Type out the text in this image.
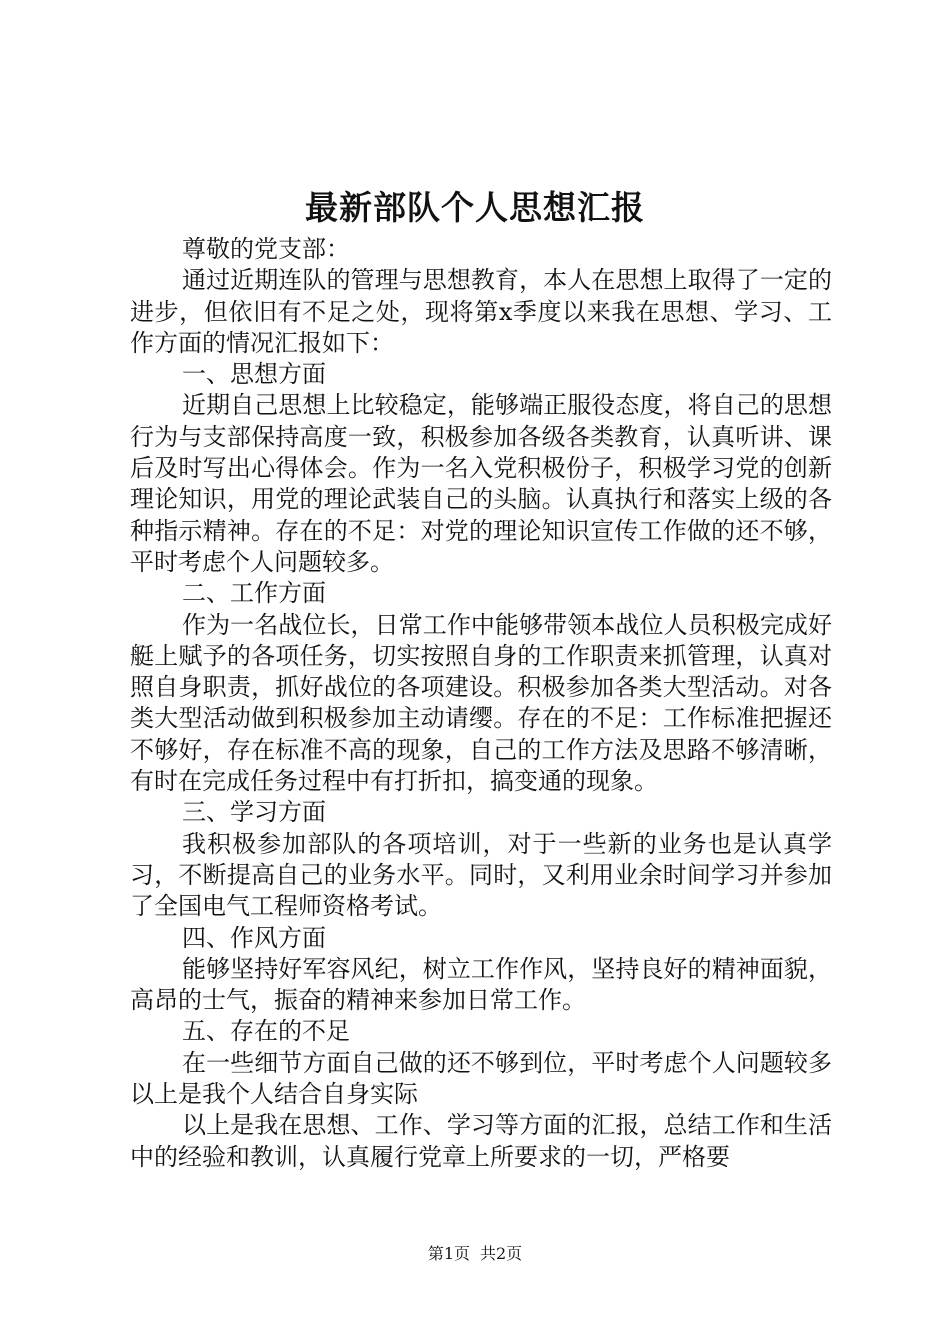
最新部队个人思想汇报

尊敬的党支部：

通过近期连队的管理与思想教育，本人在思想上取得了一定的进步，但依旧有不足之处，现将第x季度以来我在思想、学习、工作方面的情况汇报如下：

一、思想方面

近期自己思想上比较稳定，能够端正服役态度，将自己的思想行为与支部保持高度一致，积极参加各级各类教育，认真听讲、课后及时写出心得体会。作为一名入党积极份子，积极学习党的创新理论知识，用党的理论武装自己的头脑。认真执行和落实上级的各种指示精神。存在的不足：对党的理论知识宣传工作做的还不够，平时考虑个人问题较多。

二、工作方面

作为一名战位长，日常工作中能够带领本战位人员积极完成好艇上赋予的各项任务，切实按照自身的工作职责来抓管理，认真对照自身职责，抓好战位的各项建设。积极参加各类大型活动。对各类大型活动做到积极参加主动请缨。存在的不足：工作标准把握还不够好，存在标准不高的现象，自己的工作方法及思路不够清晰，有时在完成任务过程中有打折扣，搞变通的现象。

三、学习方面

我积极参加部队的各项培训，对于一些新的业务也是认真学习，不断提高自己的业务水平。同时，又利用业余时间学习并参加了全国电气工程师资格考试。

四、作风方面

能够坚持好军容风纪，树立工作作风，坚持良好的精神面貌，高昂的士气，振奋的精神来参加日常工作。

五、存在的不足

在一些细节方面自己做的还不够到位，平时考虑个人问题较多以上是我个人结合自身实际

以上是我在思想、工作、学习等方面的汇报，总结工作和生活中的经验和教训，认真履行党章上所要求的一切，严格要

第1页 共2页
